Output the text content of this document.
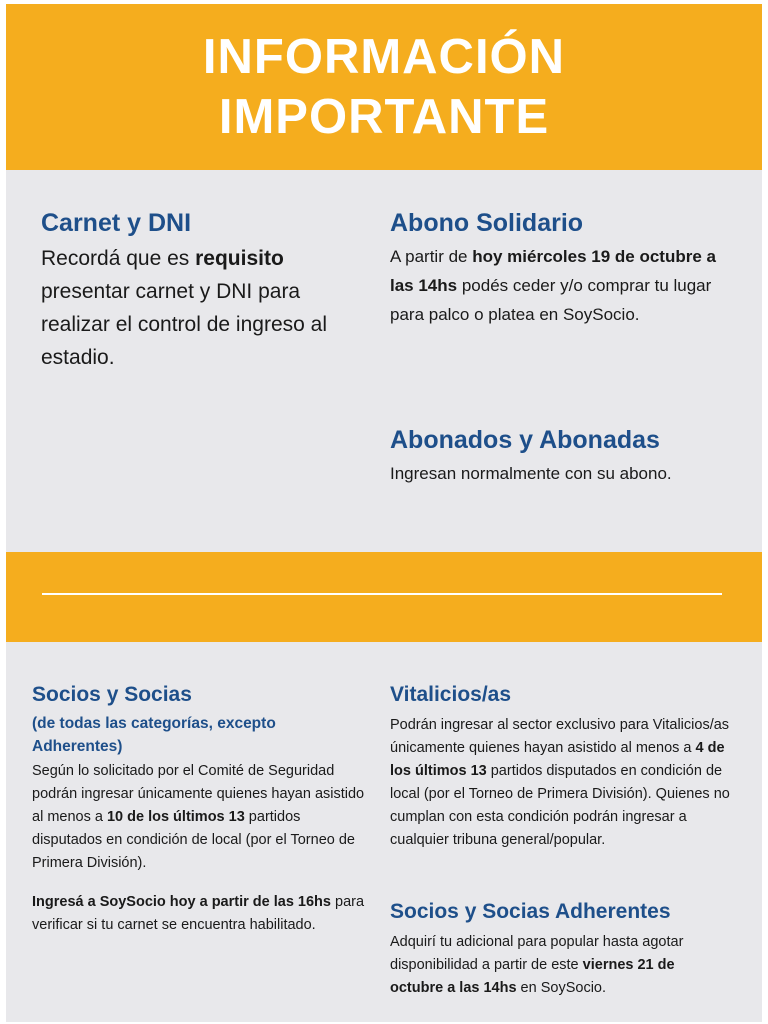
INFORMACIÓN
IMPORTANTE
Carnet y DNI

Recordá que es requisito presentar carnet y DNI para realizar el control de ingreso al estadio.

Abono Solidario

A partir de hoy miércoles 19 de octubre a las 14hs podés ceder y/o comprar tu lugar para palco o platea en SoySocio.

Abonados y Abonadas

Ingresan normalmente con su abono.

Socios y Socias

(de todas las categorías, excepto Adherentes)

Según lo solicitado por el Comité de Seguridad podrán ingresar únicamente quienes hayan asistido al menos a 10 de los últimos 13 partidos disputados en condición de local (por el Torneo de Primera División).

Ingresá a SoySocio hoy a partir de las 16hs para verificar si tu carnet se encuentra habilitado.

Vitalicios/as

Podrán ingresar al sector exclusivo para Vitalicios/as únicamente quienes hayan asistido al menos a 4 de los últimos 13 partidos disputados en condición de local (por el Torneo de Primera División). Quienes no cumplan con esta condición podrán ingresar a cualquier tribuna general/popular.

Socios y Socias Adherentes

Adquirí tu adicional para popular hasta agotar disponibilidad a partir de este viernes 21 de octubre a las 14hs en SoySocio.
